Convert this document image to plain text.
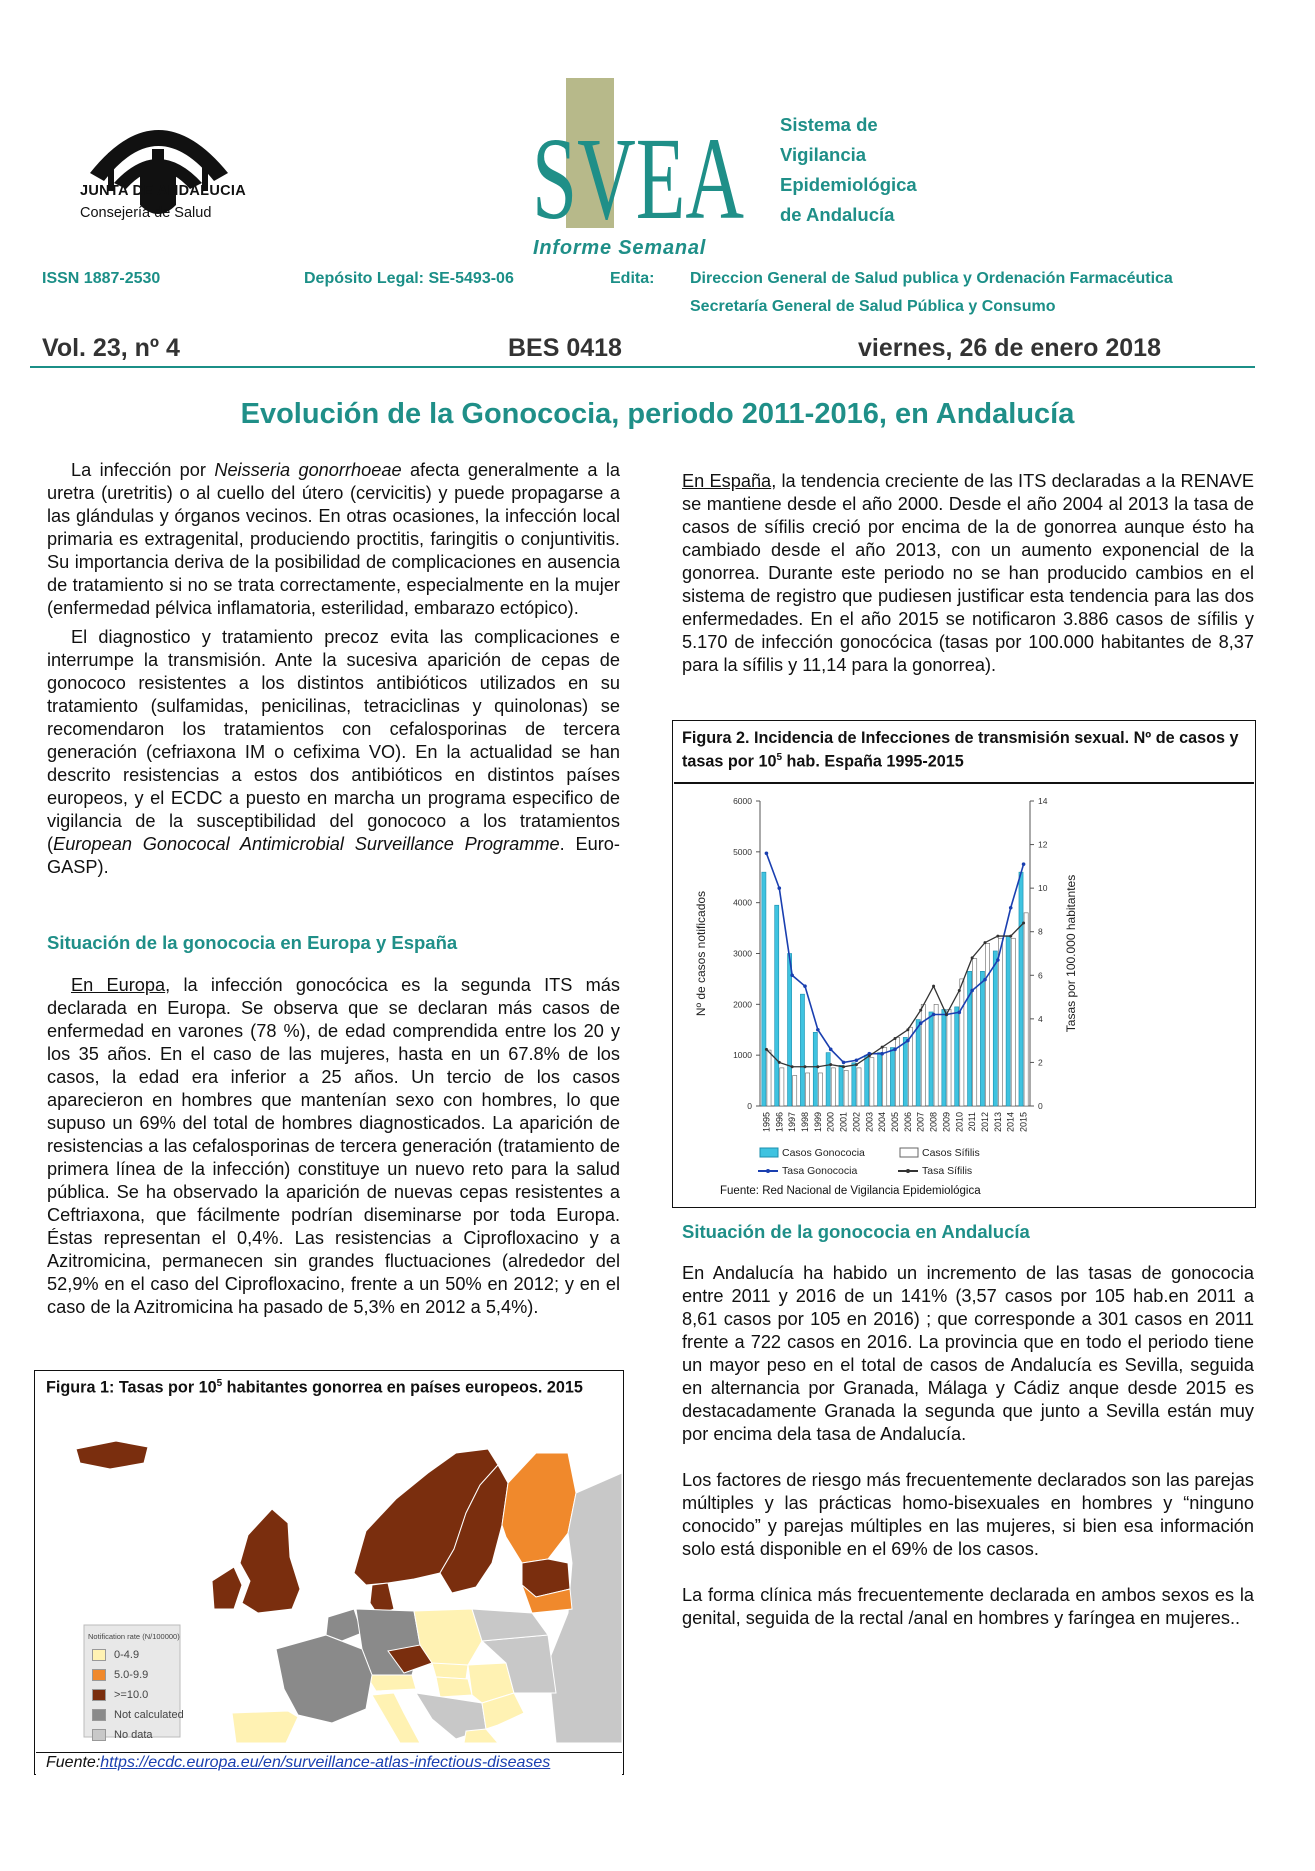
JUNTA DE ANDALUCIA
Consejería de Salud	SVEA Sistema de
Vigilancia Epidemiológica
de Andalucía
Informe Semanal
ISSN 1887-2530	Depósito Legal: SE-5493-06	Edita: Direccion General de Salud publica y Ordenación Farmacéutica
Secretaría General de Salud Pública y Consumo
Vol. 23, nº 4	BES 0418	viernes, 26 de enero 2018
Evolución de la Gonococia, periodo 2011-2016, en Andalucía

La infección por Neisseria gonorrhoeae afecta generalmente a la uretra (uretritis) o al cuello del útero (cervicitis) y puede propagarse a las glándulas y órganos vecinos. En otras ocasiones, la infección local primaria es extragenital, produciendo proctitis, faringitis o conjuntivitis. Su importancia deriva de la posibilidad de complicaciones en ausencia de tratamiento si no se trata correctamente, especialmente en la mujer (enfermedad pélvica inflamatoria, esterilidad, embarazo ectópico).

El diagnostico y tratamiento precoz evita las complicaciones e interrumpe la transmisión. Ante la sucesiva aparición de cepas de gonococo resistentes a los distintos antibióticos utilizados en su tratamiento (sulfamidas, penicilinas, tetraciclinas y quinolonas) se recomendaron los tratamientos con cefalosporinas de tercera generación (cefriaxona IM o cefixima VO). En la actualidad se han descrito resistencias a estos dos antibióticos en distintos países europeos, y el ECDC a puesto en marcha un programa especifico de vigilancia de la susceptibilidad del gonococo a los tratamientos (European Gonococal Antimicrobial Surveillance Programme. Euro-GASP).

Situación de la gonococia en Europa y España

En Europa, la infección gonocócica es la segunda ITS más declarada en Europa. Se observa que se declaran más casos de enfermedad en varones (78 %), de edad comprendida entre los 20 y los 35 años. En el caso de las mujeres, hasta en un 67.8% de los casos, la edad era inferior a 25 años. Un tercio de los casos aparecieron en hombres que mantenían sexo con hombres, lo que supuso un 69% del total de hombres diagnosticados. La aparición de resistencias a las cefalosporinas de tercera generación (tratamiento de primera línea de la infección) constituye un nuevo reto para la salud pública. Se ha observado la aparición de nuevas cepas resistentes a Ceftriaxona, que fácilmente podrían diseminarse por toda Europa. Éstas representan el 0,4%. Las resistencias a Ciprofloxacino y a Azitromicina, permanecen sin grandes fluctuaciones (alrededor del 52,9% en el caso del Ciprofloxacino, frente a un 50% en 2012; y en el caso de la Azitromicina ha pasado de 5,3% en 2012 a 5,4%).

Figura 1: Tasas por $10^5$ habitantes gonorrea en países europeos. 2015
Notification rate (N/100000)
0-4.9
5.0-9.9
>=10.0
Not calculated
No data
Fuente:https://ecdc.europa.eu/en/surveillance-atlas-infectious-diseases

En España, la tendencia creciente de las ITS declaradas a la RENAVE se mantiene desde el año 2000. Desde el año 2004 al 2013 la tasa de casos de sífilis creció por encima de la de gonorrea aunque ésto ha cambiado desde el año 2013, con un aumento exponencial de la gonorrea. Durante este periodo no se han producido cambios en el sistema de registro que pudiesen justificar esta tendencia para las dos enfermedades. En el año 2015 se notificaron 3.886 casos de sífilis y 5.170 de infección gonocócica (tasas por 100.000 habitantes de 8,37 para la sífilis y 11,14 para la gonorrea).

Figura 2. Incidencia de Infecciones de transmisión sexual. Nº de casos y tasas por $10^5$ hab. España 1995-2015
0
1000
2000
3000
4000
5000
6000
0
2
4
6
8
10
12
14
Nº de casos notificados	Tasas por 100.000 habitantes
1995 1996 1997 1998 1999 2000 2001 2002 2003 2004 2005 2006 2007 2008 2009 2010 2011 2012 2013 2014 2015
Casos Gonococia	Casos Sífilis
Tasa Gonococia	Tasa Sífilis
Fuente: Red Nacional de Vigilancia Epidemiológica
Situación de la gonococia en Andalucía

En Andalucía ha habido un incremento de las tasas de gonococia entre 2011 y 2016 de un 141% (3,57 casos por 105 hab.en 2011 a 8,61 casos por 105 en 2016) ; que corresponde a 301 casos en 2011 frente a 722 casos en 2016. La provincia que en todo el periodo tiene un mayor peso en el total de casos de Andalucía es Sevilla, seguida en alternancia por Granada, Málaga y Cádiz anque desde 2015 es destacadamente Granada la segunda que junto a Sevilla están muy por encima dela tasa de Andalucía.

Los factores de riesgo más frecuentemente declarados son las parejas múltiples y las prácticas homo-bisexuales en hombres y “ninguno conocido” y parejas múltiples en las mujeres, si bien esa información solo está disponible en el 69% de los casos.

La forma clínica más frecuentemente declarada en ambos sexos es la genital, seguida de la rectal /anal en hombres y faríngea en mujeres..
